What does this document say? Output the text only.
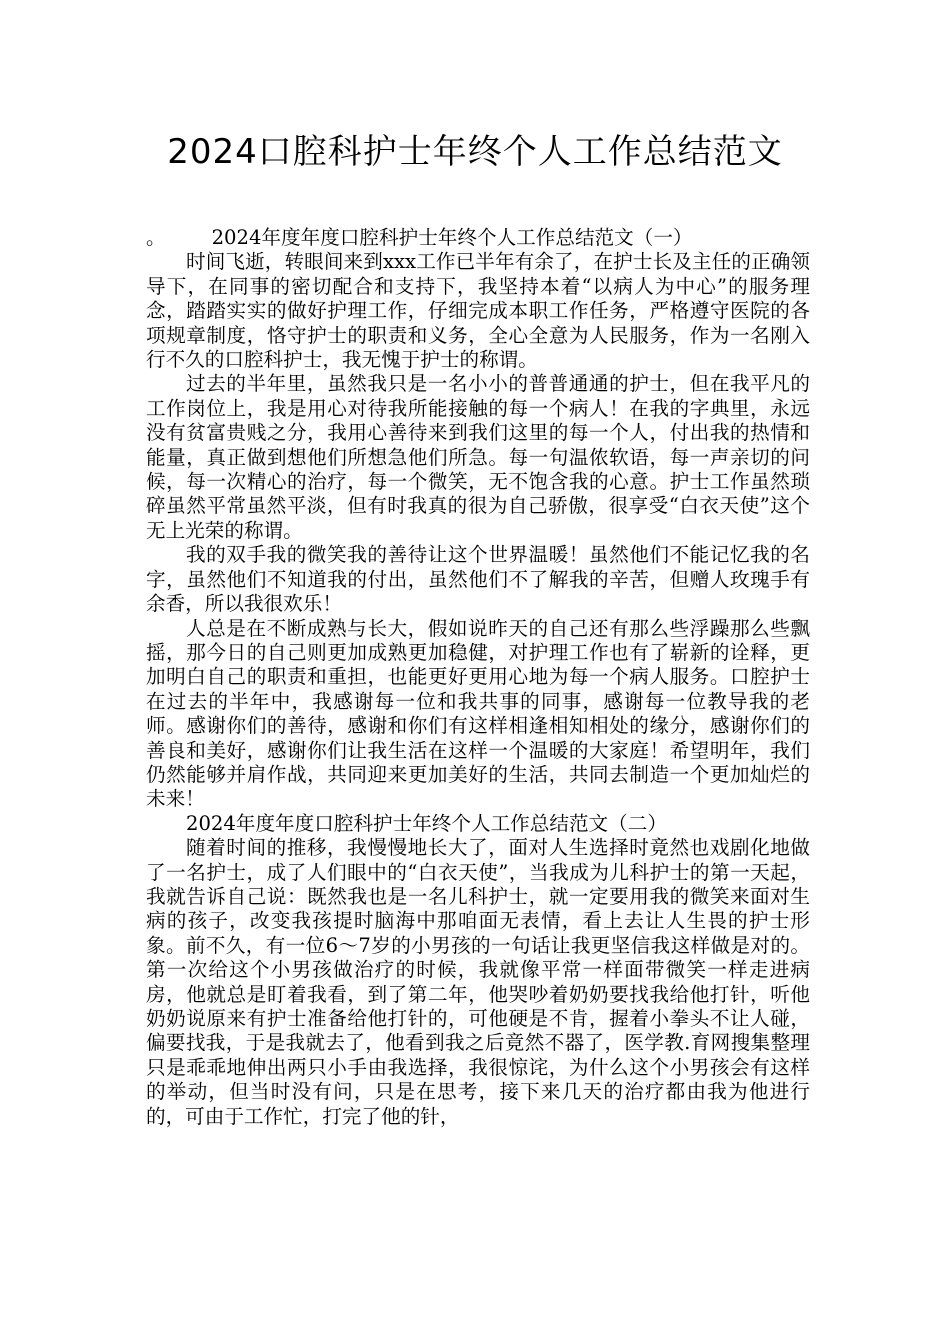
2024口腔科护士年终个人工作总结范文

。 2024年度年度口腔科护士年终个人工作总结范文（一）

时间飞逝，转眼间来到xxx工作已半年有余了，在护士长及主任的正确领导下，在同事的密切配合和支持下，我坚持本着“以病人为中心”的服务理念，踏踏实实的做好护理工作，仔细完成本职工作任务，严格遵守医院的各项规章制度，恪守护士的职责和义务，全心全意为人民服务，作为一名刚入行不久的口腔科护士，我无愧于护士的称谓。

过去的半年里，虽然我只是一名小小的普普通通的护士，但在我平凡的工作岗位上，我是用心对待我所能接触的每一个病人！在我的字典里，永远没有贫富贵贱之分，我用心善待来到我们这里的每一个人，付出我的热情和能量，真正做到想他们所想急他们所急。每一句温侬软语，每一声亲切的问候，每一次精心的治疗，每一个微笑，无不饱含我的心意。护士工作虽然琐碎虽然平常虽然平淡，但有时我真的很为自己骄傲，很享受“白衣天使”这个无上光荣的称谓。

我的双手我的微笑我的善待让这个世界温暖！虽然他们不能记忆我的名字，虽然他们不知道我的付出，虽然他们不了解我的辛苦，但赠人玫瑰手有余香，所以我很欢乐！

人总是在不断成熟与长大，假如说昨天的自己还有那么些浮躁那么些飘摇，那今日的自己则更加成熟更加稳健，对护理工作也有了崭新的诠释，更加明白自己的职责和重担，也能更好更用心地为每一个病人服务。口腔护士在过去的半年中，我感谢每一位和我共事的同事，感谢每一位教导我的老师。感谢你们的善待，感谢和你们有这样相逢相知相处的缘分，感谢你们的善良和美好，感谢你们让我生活在这样一个温暖的大家庭！希望明年，我们仍然能够并肩作战，共同迎来更加美好的生活，共同去制造一个更加灿烂的未来！

2024年度年度口腔科护士年终个人工作总结范文（二）

随着时间的推移，我慢慢地长大了，面对人生选择时竟然也戏剧化地做了一名护士，成了人们眼中的“白衣天使”，当我成为儿科护士的第一天起，我就告诉自己说：既然我也是一名儿科护士，就一定要用我的微笑来面对生病的孩子，改变我孩提时脑海中那咱面无表情，看上去让人生畏的护士形象。前不久，有一位6～7岁的小男孩的一句话让我更坚信我这样做是对的。第一次给这个小男孩做治疗的时候，我就像平常一样面带微笑一样走进病房，他就总是盯着我看，到了第二年，他哭吵着奶奶要找我给他打针，听他奶奶说原来有护士准备给他打针的，可他硬是不肯，握着小拳头不让人碰，偏要找我，于是我就去了，他看到我之后竟然不器了，医学教.育网搜集整理只是乖乖地伸出两只小手由我选择，我很惊诧，为什么这个小男孩会有这样的举动，但当时没有问，只是在思考，接下来几天的治疗都由我为他进行的，可由于工作忙，打完了他的针，
